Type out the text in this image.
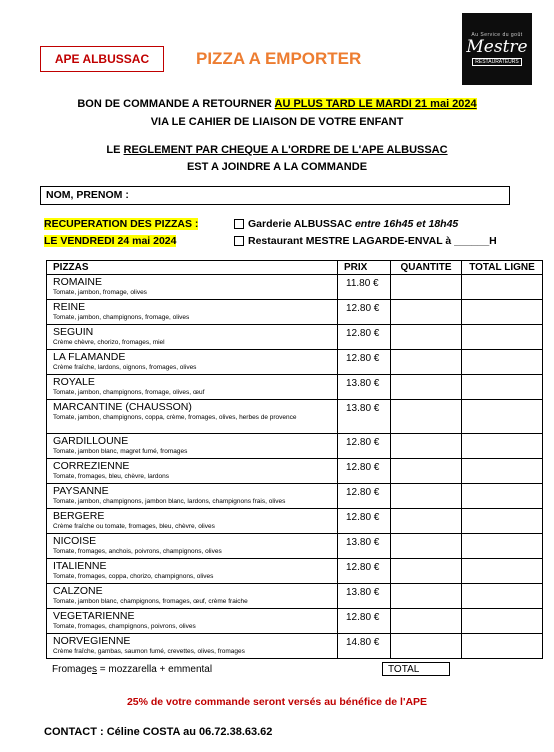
APE ALBUSSAC	PIZZA A EMPORTER
Au Service du goût
Mestre
RESTAURATEURS
BON DE COMMANDE A RETOURNER AU PLUS TARD LE MARDI 21 mai 2024
VIA LE CAHIER DE LIAISON DE VOTRE ENFANT
LE REGLEMENT PAR CHEQUE A L'ORDRE DE L'APE ALBUSSAC
EST A JOINDRE A LA COMMANDE
NOM, PRENOM :
RECUPERATION DES PIZZAS :
LE VENDREDI 24 mai 2024
Garderie ALBUSSAC entre 16h45 et 18h45
Restaurant MESTRE LAGARDE-ENVAL à ______H
PIZZAS	PRIX	QUANTITE	TOTAL LIGNE

ROMAINE
Tomate, jambon, fromage, olives	11.80 €		

REINE
Tomate, jambon, champignons, fromage, olives	12.80 €		

SEGUIN
Crème chèvre, chorizo, fromages, miel	12.80 €		

LA FLAMANDE
Crème fraîche, lardons, oignons, fromages, olives	12.80 €		

ROYALE
Tomate, jambon, champignons, fromage, olives, œuf	13.80 €		

MARCANTINE (CHAUSSON)
Tomate, jambon, champignons, coppa, crème, fromages, olives, herbes de provence	13.80 €		

GARDILLOUNE
Tomate, jambon blanc, magret fumé, fromages	12.80 €		

CORREZIENNE
Tomate, fromages, bleu, chèvre, lardons	12.80 €		

PAYSANNE
Tomate, jambon, champignons, jambon blanc, lardons, champignons frais, olives	12.80 €		

BERGERE
Crème fraîche ou tomate, fromages, bleu, chèvre, olives	12.80 €		

NICOISE
Tomate, fromages, anchois, poivrons, champignons, olives	13.80 €		

ITALIENNE
Tomate, fromages, coppa, chorizo, champignons, olives	12.80 €		

CALZONE
Tomate, jambon blanc, champignons, fromages, œuf, crème fraiche	13.80 €		

VEGETARIENNE
Tomate, fromages, champignons, poivrons, olives	12.80 €		

NORVEGIENNE
Crème fraîche, gambas, saumon fumé, crevettes, olives, fromages	14.80 €		

Fromages = mozzarella + emmental	TOTAL
25% de votre commande seront versés au bénéfice de l'APE
CONTACT : Céline COSTA au 06.72.38.63.62
